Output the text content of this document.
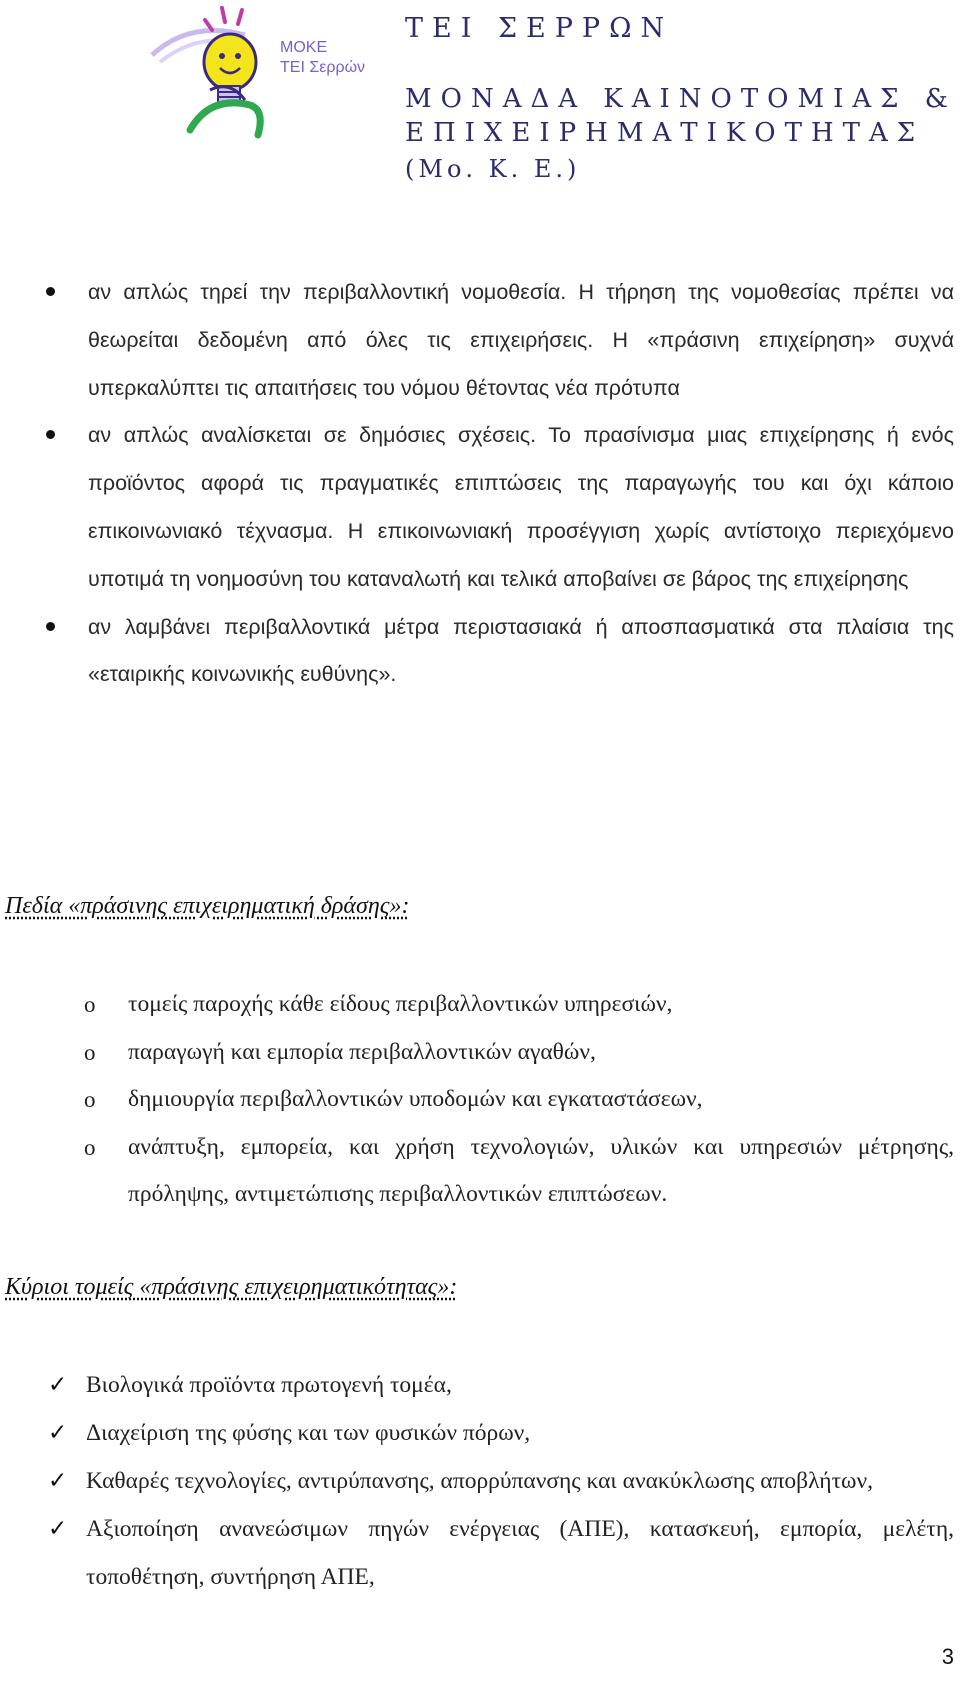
ΜΟΚΕ
ΤΕΙ Σερρών
ΤΕΙ ΣΕΡΡΩΝ
ΜΟΝΑΔΑ ΚΑΙΝΟΤΟΜΙΑΣ &
ΕΠΙΧΕΙΡΗΜΑΤΙΚΟΤΗΤΑΣ
(Μο. Κ. Ε.)
αν απλώς τηρεί την περιβαλλοντική νομοθεσία. Η τήρηση της νομοθεσίας πρέπει να θεωρείται δεδομένη από όλες τις επιχειρήσεις. Η «πράσινη επιχείρηση» συχνά υπερκαλύπτει τις απαιτήσεις του νόμου θέτοντας νέα πρότυπα
αν απλώς αναλίσκεται σε δημόσιες σχέσεις. Το πρασίνισμα μιας επιχείρησης ή ενός προϊόντος αφορά τις πραγματικές επιπτώσεις της παραγωγής του και όχι κάποιο επικοινωνιακό τέχνασμα. Η επικοινωνιακή προσέγγιση χωρίς αντίστοιχο περιεχόμενο υποτιμά τη νοημοσύνη του καταναλωτή και τελικά αποβαίνει σε βάρος της επιχείρησης
αν λαμβάνει περιβαλλοντικά μέτρα περιστασιακά ή αποσπασματικά στα πλαίσια της «εταιρικής κοινωνικής ευθύνης».
Πεδία «πράσινης επιχειρηματική δράσης»:
o τομείς παροχής κάθε είδους περιβαλλοντικών υπηρεσιών,
o παραγωγή και εμπορία περιβαλλοντικών αγαθών,
o δημιουργία περιβαλλοντικών υποδομών και εγκαταστάσεων,
o ανάπτυξη, εμπορεία, και χρήση τεχνολογιών, υλικών και υπηρεσιών μέτρησης, πρόληψης, αντιμετώπισης περιβαλλοντικών επιπτώσεων.
Κύριοι τομείς «πράσινης επιχειρηματικότητας»:
✓ Βιολογικά προϊόντα πρωτογενή τομέα,
✓ Διαχείριση της φύσης και των φυσικών πόρων,
✓ Καθαρές τεχνολογίες, αντιρύπανσης, απορρύπανσης και ανακύκλωσης αποβλήτων,
✓ Αξιοποίηση ανανεώσιμων πηγών ενέργειας (ΑΠΕ), κατασκευή, εμπορία, μελέτη, τοποθέτηση, συντήρηση ΑΠΕ,
3
